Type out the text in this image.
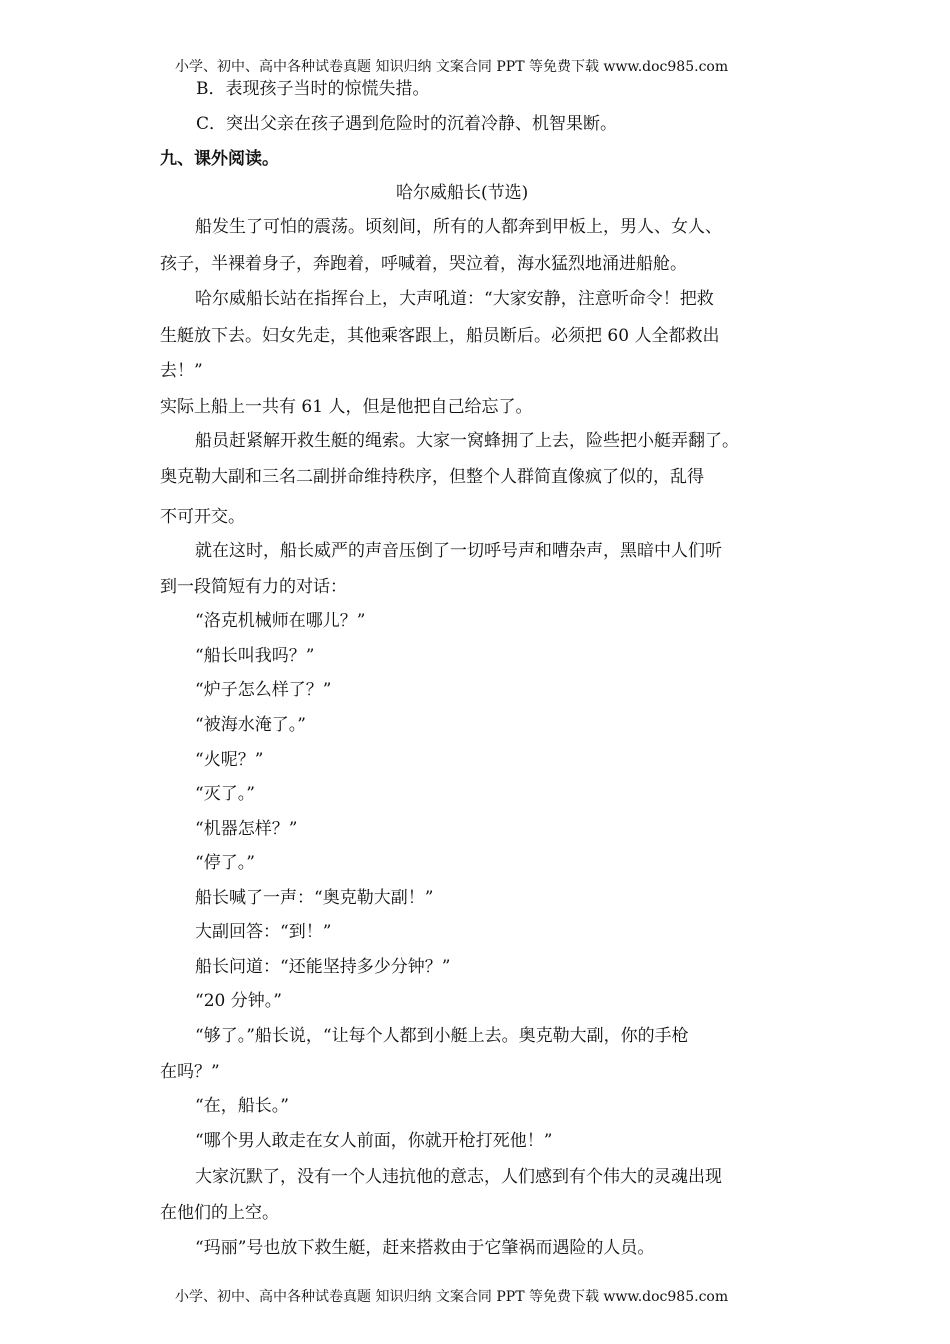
小学、初中、高中各种试卷真题 知识归纳 文案合同 PPT 等免费下载 www.doc985.com
B．表现孩子当时的惊慌失措。
C．突出父亲在孩子遇到危险时的沉着冷静、机智果断。
九、课外阅读。
哈尔威船长(节选)
船发生了可怕的震荡。顷刻间，所有的人都奔到甲板上，男人、女人、
孩子，半裸着身子，奔跑着，呼喊着，哭泣着，海水猛烈地涌进船舱。
哈尔威船长站在指挥台上，大声吼道：“大家安静，注意听命令！把救
生艇放下去。妇女先走，其他乘客跟上，船员断后。必须把 60 人全都救出
去！”
实际上船上一共有 61 人，但是他把自己给忘了。
船员赶紧解开救生艇的绳索。大家一窝蜂拥了上去，险些把小艇弄翻了。
奥克勒大副和三名二副拼命维持秩序，但整个人群简直像疯了似的，乱得
不可开交。
就在这时，船长威严的声音压倒了一切呼号声和嘈杂声，黑暗中人们听
到一段简短有力的对话：
“洛克机械师在哪儿？”
“船长叫我吗？”
“炉子怎么样了？”
“被海水淹了。”
“火呢？”
“灭了。”
“机器怎样？”
“停了。”
船长喊了一声：“奥克勒大副！”
大副回答：“到！”
船长问道：“还能坚持多少分钟？”
“20 分钟。”
“够了。”船长说，“让每个人都到小艇上去。奥克勒大副，你的手枪
在吗？”
“在，船长。”
“哪个男人敢走在女人前面，你就开枪打死他！”
大家沉默了，没有一个人违抗他的意志，人们感到有个伟大的灵魂出现
在他们的上空。
“玛丽”号也放下救生艇，赶来搭救由于它肇祸而遇险的人员。
小学、初中、高中各种试卷真题 知识归纳 文案合同 PPT 等免费下载 www.doc985.com
